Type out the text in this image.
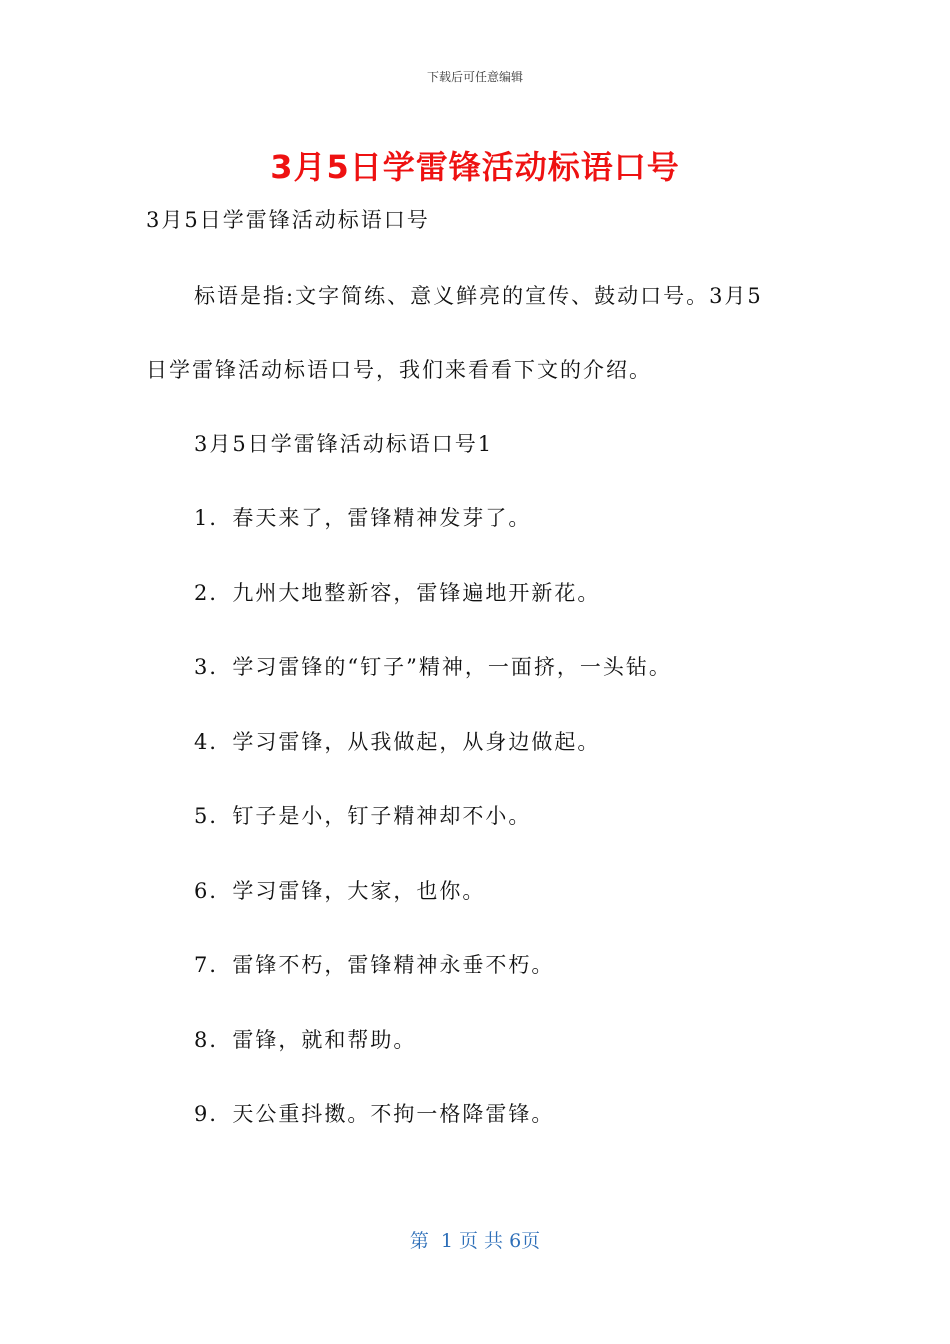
下载后可任意编辑
3月5日学雷锋活动标语口号
3月5日学雷锋活动标语口号
标语是指:文字简练、意义鲜亮的宣传、鼓动口号。3月5
日学雷锋活动标语口号，我们来看看下文的介绍。
3月5日学雷锋活动标语口号1
1．春天来了，雷锋精神发芽了。
2．九州大地整新容，雷锋遍地开新花。
3．学习雷锋的“钉子”精神，一面挤，一头钻。
4．学习雷锋，从我做起，从身边做起。
5．钉子是小，钉子精神却不小。
6．学习雷锋，大家，也你。
7．雷锋不朽，雷锋精神永垂不朽。
8．雷锋，就和帮助。
9．天公重抖擞。不拘一格降雷锋。
第  1 页 共 6页
